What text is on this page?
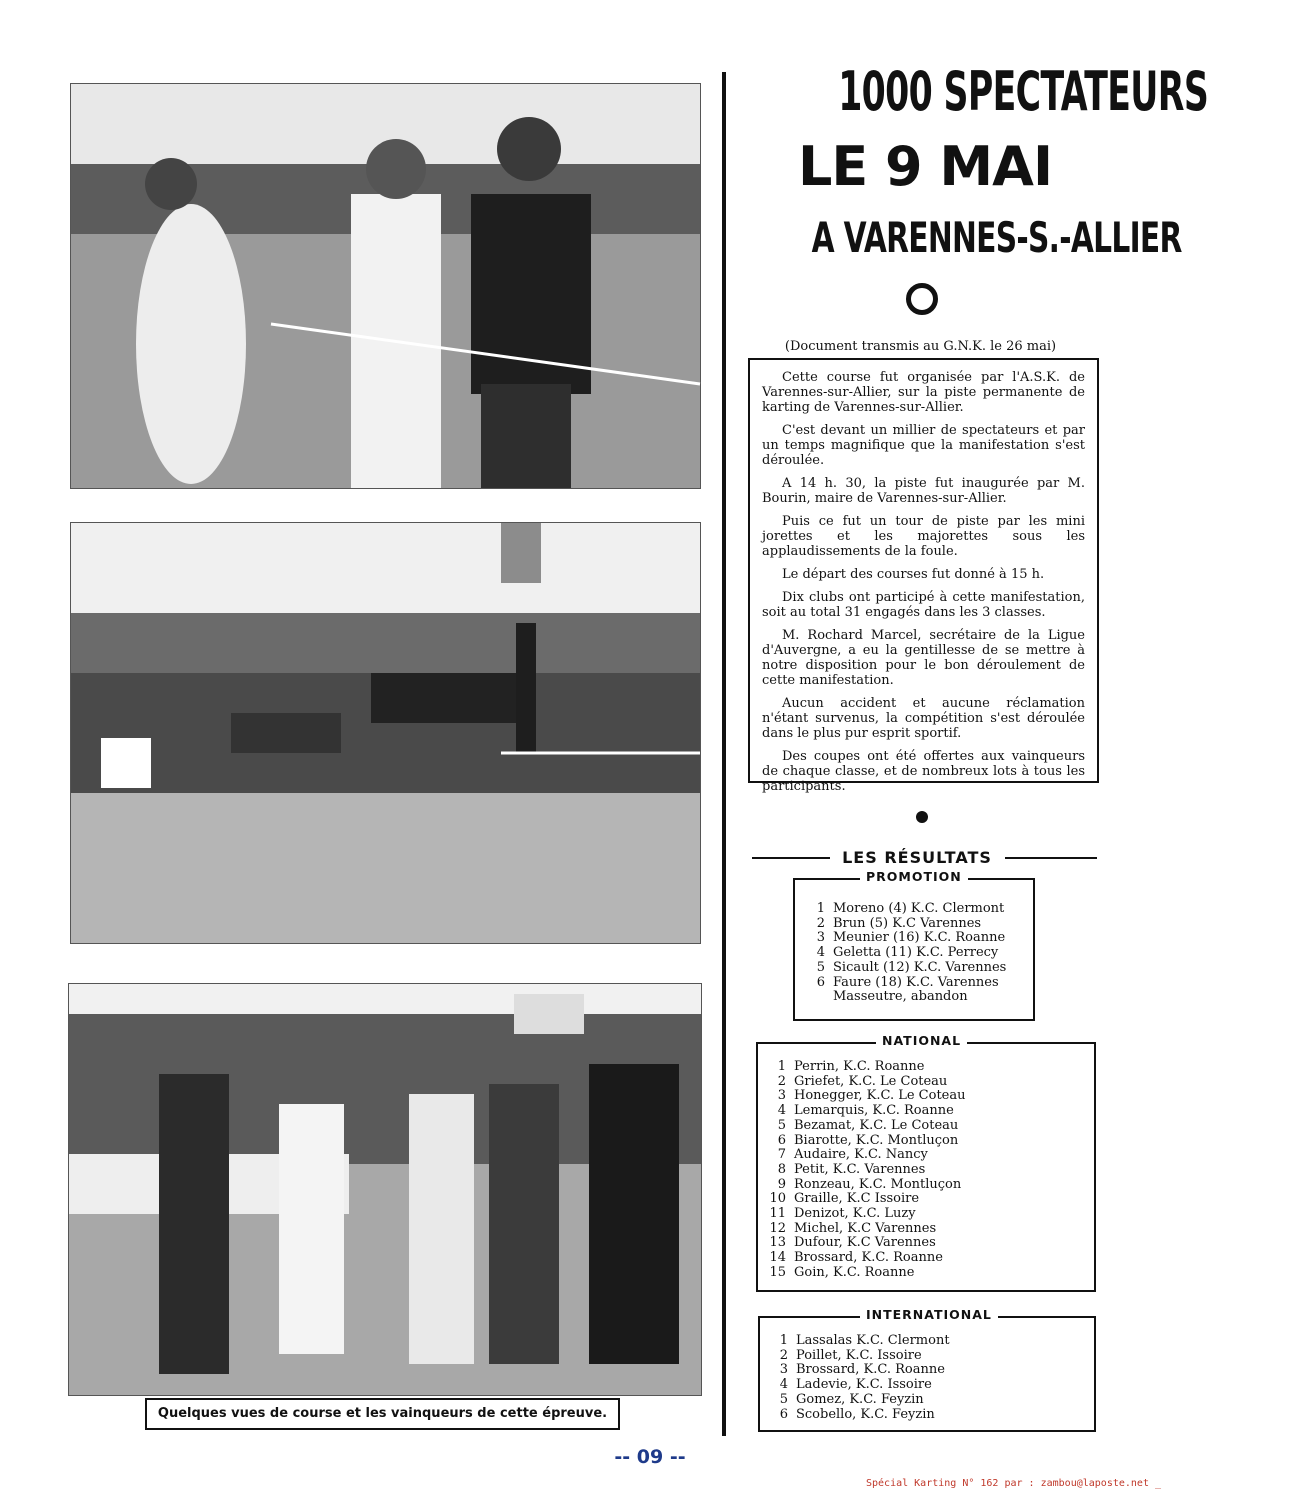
Quelques vues de course et les vainqueurs de cette épreuve.
-- 09 --
Spécial Karting N° 162 par : zambou@laposte.net _
1000 SPECTATEURS
LE 9 MAI
A VARENNES-S.-ALLIER
(Document transmis au G.N.K. le 26 mai)

Cette course fut organisée par l'A.S.K. de Varennes-sur-Allier, sur la piste permanente de karting de Varennes-sur-Allier.

C'est devant un millier de spectateurs et par un temps magnifique que la manifestation s'est déroulée.

A 14 h. 30, la piste fut inaugurée par M. Bourin, maire de Varennes-sur-Allier.

Puis ce fut un tour de piste par les mini jorettes et les majorettes sous les applaudissements de la foule.

Le départ des courses fut donné à 15 h.

Dix clubs ont participé à cette manifestation, soit au total 31 engagés dans les 3 classes.

M. Rochard Marcel, secrétaire de la Ligue d'Auvergne, a eu la gentillesse de se mettre à notre disposition pour le bon déroulement de cette manifestation.

Aucun accident et aucune réclamation n'étant survenus, la compétition s'est déroulée dans le plus pur esprit sportif.

Des coupes ont été offertes aux vainqueurs de chaque classe, et de nombreux lots à tous les participants.

LES RÉSULTATS
PROMOTION
1 Moreno (4) K.C. Clermont
2 Brun (5) K.C Varennes
3 Meunier (16) K.C. Roanne
4 Geletta (11) K.C. Perrecy
5 Sicault (12) K.C. Varennes
6 Faure (18) K.C. Varennes
Masseutre, abandon
NATIONAL
1 Perrin, K.C. Roanne
2 Griefet, K.C. Le Coteau
3 Honegger, K.C. Le Coteau
4 Lemarquis, K.C. Roanne
5 Bezamat, K.C. Le Coteau
6 Biarotte, K.C. Montluçon
7 Audaire, K.C. Nancy
8 Petit, K.C. Varennes
9 Ronzeau, K.C. Montluçon
10 Graille, K.C Issoire
11 Denizot, K.C. Luzy
12 Michel, K.C Varennes
13 Dufour, K.C Varennes
14 Brossard, K.C. Roanne
15 Goin, K.C. Roanne
INTERNATIONAL
1 Lassalas K.C. Clermont
2 Poillet, K.C. Issoire
3 Brossard, K.C. Roanne
4 Ladevie, K.C. Issoire
5 Gomez, K.C. Feyzin
6 Scobello, K.C. Feyzin
